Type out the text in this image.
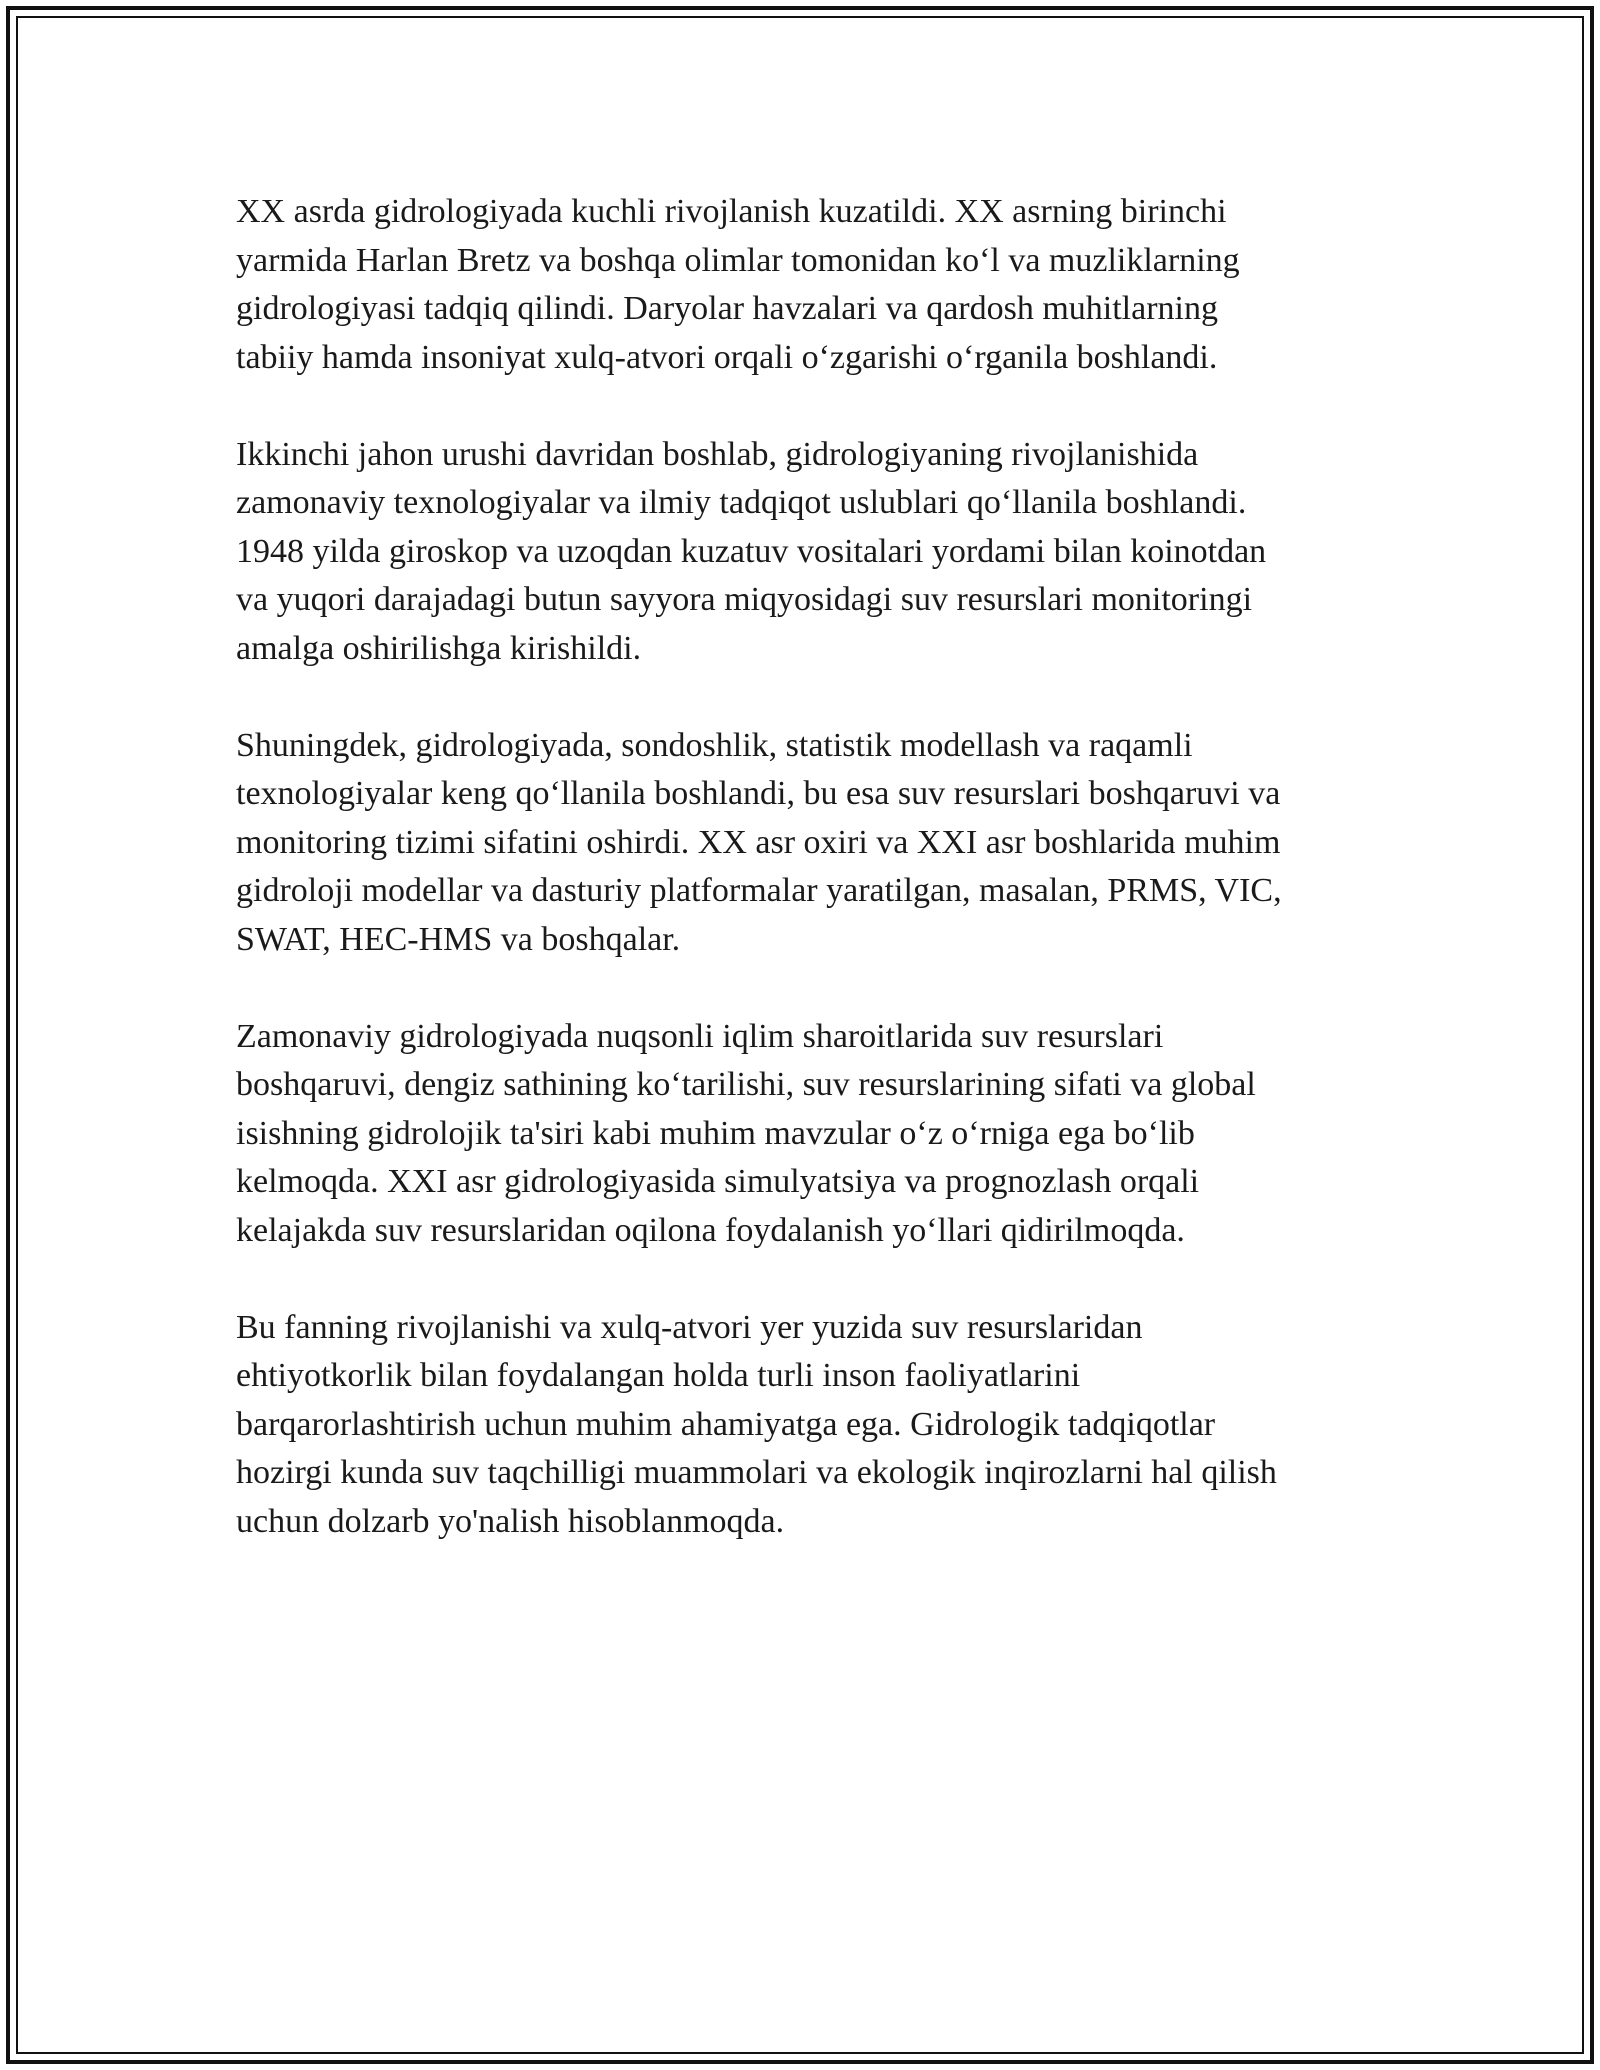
XX asrda gidrologiyada kuchli rivojlanish kuzatildi. XX asrning birinchi
yarmida Harlan Bretz va boshqa olimlar tomonidan ko‘l va muzliklarning
gidrologiyasi tadqiq qilindi. Daryolar havzalari va qardosh muhitlarning
tabiiy hamda insoniyat xulq-atvori orqali o‘zgarishi o‘rganila boshlandi.

Ikkinchi jahon urushi davridan boshlab, gidrologiyaning rivojlanishida
zamonaviy texnologiyalar va ilmiy tadqiqot uslublari qo‘llanila boshlandi.
1948 yilda giroskop va uzoqdan kuzatuv vositalari yordami bilan koinotdan
va yuqori darajadagi butun sayyora miqyosidagi suv resurslari monitoringi
amalga oshirilishga kirishildi.

Shuningdek, gidrologiyada, sondoshlik, statistik modellash va raqamli
texnologiyalar keng qo‘llanila boshlandi, bu esa suv resurslari boshqaruvi va
monitoring tizimi sifatini oshirdi. XX asr oxiri va XXI asr boshlarida muhim
gidroloji modellar va dasturiy platformalar yaratilgan, masalan, PRMS, VIC,
SWAT, HEC-HMS va boshqalar.

Zamonaviy gidrologiyada nuqsonli iqlim sharoitlarida suv resurslari
boshqaruvi, dengiz sathining ko‘tarilishi, suv resurslarining sifati va global
isishning gidrolojik ta'siri kabi muhim mavzular o‘z o‘rniga ega bo‘lib
kelmoqda. XXI asr gidrologiyasida simulyatsiya va prognozlash orqali
kelajakda suv resurslaridan oqilona foydalanish yo‘llari qidirilmoqda.

Bu fanning rivojlanishi va xulq-atvori yer yuzida suv resurslaridan
ehtiyotkorlik bilan foydalangan holda turli inson faoliyatlarini
barqarorlashtirish uchun muhim ahamiyatga ega. Gidrologik tadqiqotlar
hozirgi kunda suv taqchilligi muammolari va ekologik inqirozlarni hal qilish
uchun dolzarb yo'nalish hisoblanmoqda.
